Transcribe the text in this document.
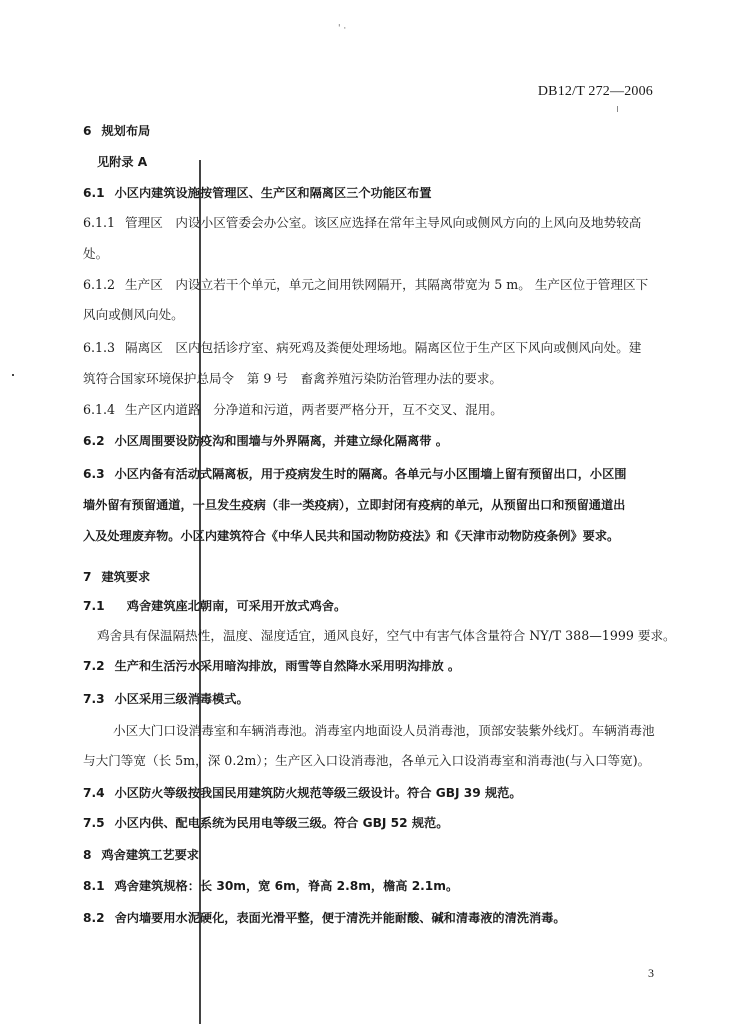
' ·
DB12/T 272—2006
6 规划布局
见附录 A
6.1 小区内建筑设施按管理区、生产区和隔离区三个功能区布置
6.1.1 管理区　内设小区管委会办公室。该区应选择在常年主导风向或侧风方向的上风向及地势较高
处。
6.1.2 生产区　内设立若干个单元，单元之间用铁网隔开，其隔离带宽为 5 m。 生产区位于管理区下
风向或侧风向处。
6.1.3 隔离区　区内包括诊疗室、病死鸡及粪便处理场地。隔离区位于生产区下风向或侧风向处。建
筑符合国家环境保护总局令　第 9 号　畜禽养殖污染防治管理办法的要求。
6.1.4 生产区内道路　分净道和污道，两者要严格分开，互不交叉、混用。
6.2 小区周围要设防疫沟和围墙与外界隔离，并建立绿化隔离带 。
6.3 小区内备有活动式隔离板，用于疫病发生时的隔离。各单元与小区围墙上留有预留出口，小区围
墙外留有预留通道，一旦发生疫病（非一类疫病），立即封闭有疫病的单元，从预留出口和预留通道出
入及处理废弃物。小区内建筑符合《中华人民共和国动物防疫法》和《天津市动物防疫条例》要求。
7 建筑要求
7.1　鸡舍建筑座北朝南，可采用开放式鸡舍。
鸡舍具有保温隔热性，温度、湿度适宜，通风良好，空气中有害气体含量符合 NY/T 388—1999 要求。
7.2 生产和生活污水采用暗沟排放，雨雪等自然降水采用明沟排放 。
7.3 小区采用三级消毒模式。
小区大门口设消毒室和车辆消毒池。消毒室内地面设人员消毒池，顶部安装紫外线灯。车辆消毒池
与大门等宽（长 5m，深 0.2m）；生产区入口设消毒池，各单元入口设消毒室和消毒池(与入口等宽)。
7.4 小区防火等级按我国民用建筑防火规范等级三级设计。符合 GBJ 39 规范。
7.5 小区内供、配电系统为民用电等级三级。符合 GBJ 52 规范。
8 鸡舍建筑工艺要求
8.1 鸡舍建筑规格：长 30m，宽 6m，脊高 2.8m，檐高 2.1m。
8.2 舍内墙要用水泥硬化，表面光滑平整，便于清洗并能耐酸、碱和清毒液的清洗消毒。
3
